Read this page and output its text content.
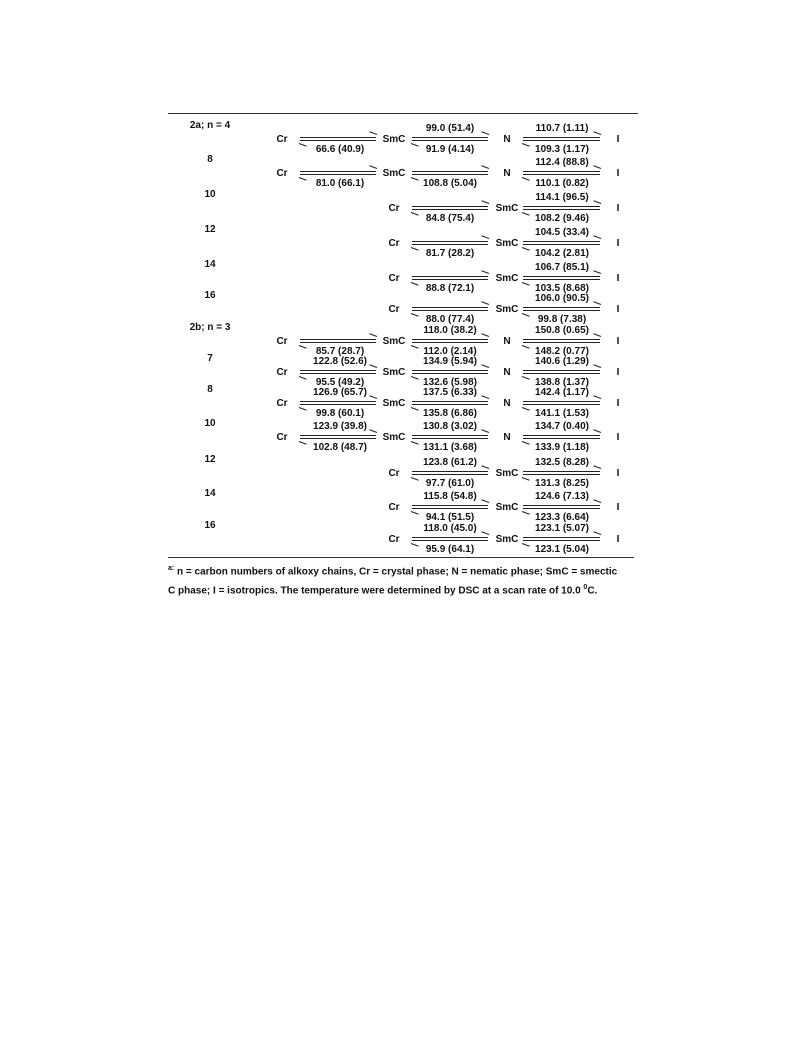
2a; n = 4
Cr
66.6 (40.9)
SmC
99.0 (51.4)
91.9 (4.14)
N
110.7 (1.11)
109.3 (1.17)
I
8
Cr
81.0 (66.1)
SmC
108.8 (5.04)
N
112.4 (88.8)
110.1 (0.82)
I
10
Cr
84.8 (75.4)
SmC
114.1 (96.5)
108.2 (9.46)
I
12
Cr
81.7 (28.2)
SmC
104.5 (33.4)
104.2 (2.81)
I
14
Cr
88.8 (72.1)
SmC
106.7 (85.1)
103.5 (8.68)
I
16
Cr
88.0 (77.4)
SmC
106.0 (90.5)
99.8 (7.38)
I
2b; n = 3
Cr
85.7 (28.7)
SmC
118.0 (38.2)
112.0 (2.14)
N
150.8 (0.65)
148.2 (0.77)
I
7
Cr
122.8 (52.6)
95.5 (49.2)
SmC
134.9 (5.94)
132.6 (5.98)
N
140.6 (1.29)
138.8 (1.37)
I
8
Cr
126.9 (65.7)
99.8 (60.1)
SmC
137.5 (6.33)
135.8 (6.86)
N
142.4 (1.17)
141.1 (1.53)
I
10
Cr
123.9 (39.8)
102.8 (48.7)
SmC
130.8 (3.02)
131.1 (3.68)
N
134.7 (0.40)
133.9 (1.18)
I
12
Cr
123.8 (61.2)
97.7 (61.0)
SmC
132.5 (8.28)
131.3 (8.25)
I
14
Cr
115.8 (54.8)
94.1 (51.5)
SmC
124.6 (7.13)
123.3 (6.64)
I
16
Cr
118.0 (45.0)
95.9 (64.1)
SmC
123.1 (5.07)
123.1 (5.04)
I
$^{a:}$ n = carbon numbers of alkoxy chains, Cr = crystal phase; N = nematic phase; SmC = smectic
C phase; I = isotropics. The temperature were determined by DSC at a scan rate of 10.0 $^0$C.
